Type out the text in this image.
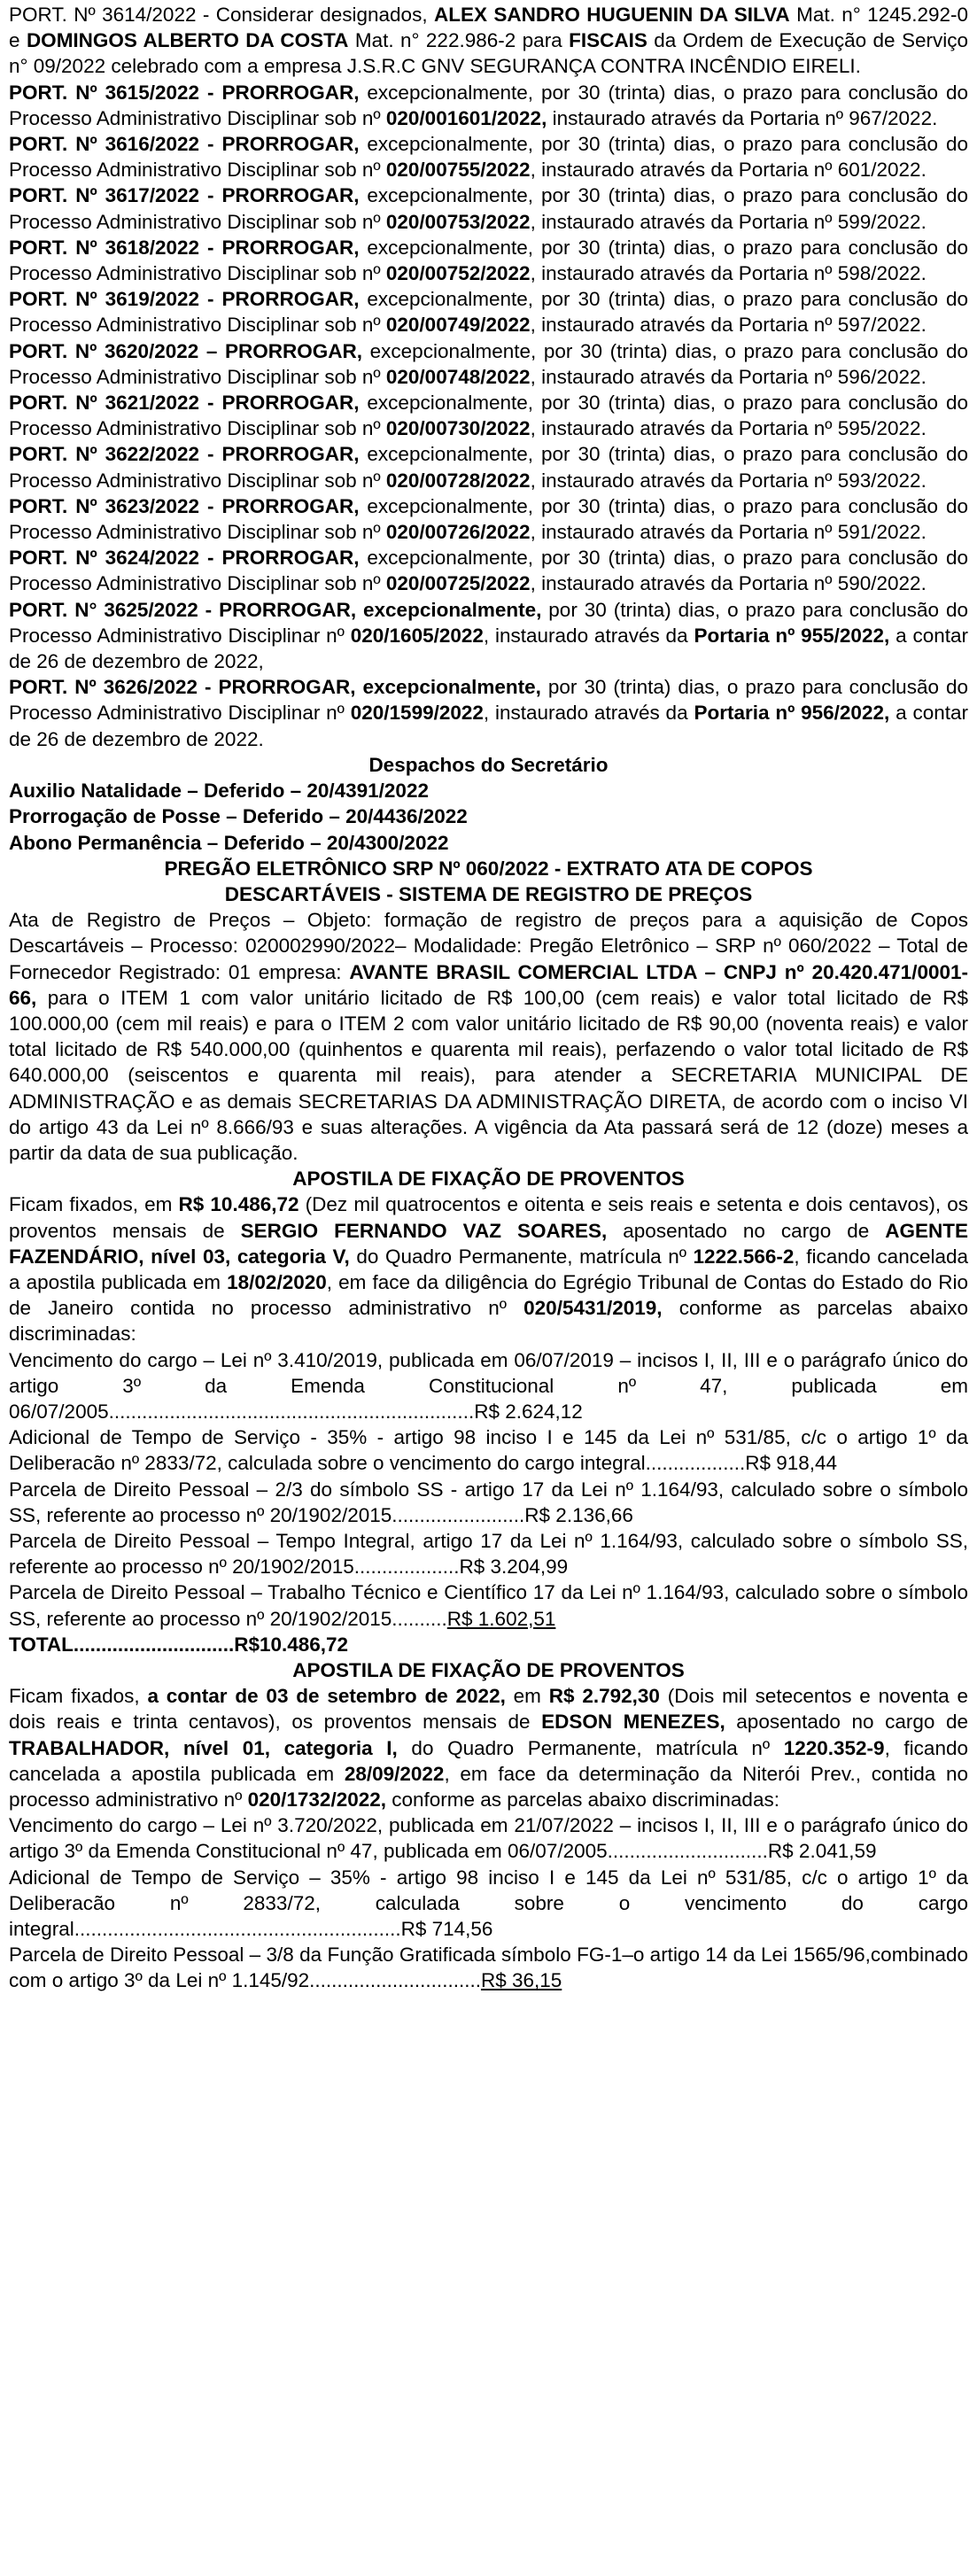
PORT. Nº 3614/2022 - Considerar designados, ALEX SANDRO HUGUENIN DA SILVA Mat. n° 1245.292-0 e DOMINGOS ALBERTO DA COSTA Mat. n° 222.986-2 para FISCAIS da Ordem de Execução de Serviço n° 09/2022 celebrado com a empresa J.S.R.C GNV SEGURANÇA CONTRA INCÊNDIO EIRELI.

PORT. Nº 3615/2022 - PRORROGAR, excepcionalmente, por 30 (trinta) dias, o prazo para conclusão do Processo Administrativo Disciplinar sob nº 020/001601/2022, instaurado através da Portaria nº 967/2022.

PORT. Nº 3616/2022 - PRORROGAR, excepcionalmente, por 30 (trinta) dias, o prazo para conclusão do Processo Administrativo Disciplinar sob nº 020/00755/2022, instaurado através da Portaria nº 601/2022.

PORT. Nº 3617/2022 - PRORROGAR, excepcionalmente, por 30 (trinta) dias, o prazo para conclusão do Processo Administrativo Disciplinar sob nº 020/00753/2022, instaurado através da Portaria nº 599/2022.

PORT. Nº 3618/2022 - PRORROGAR, excepcionalmente, por 30 (trinta) dias, o prazo para conclusão do Processo Administrativo Disciplinar sob nº 020/00752/2022, instaurado através da Portaria nº 598/2022.

PORT. Nº 3619/2022 - PRORROGAR, excepcionalmente, por 30 (trinta) dias, o prazo para conclusão do Processo Administrativo Disciplinar sob nº 020/00749/2022, instaurado através da Portaria nº 597/2022.

PORT. Nº 3620/2022 – PRORROGAR, excepcionalmente, por 30 (trinta) dias, o prazo para conclusão do Processo Administrativo Disciplinar sob nº 020/00748/2022, instaurado através da Portaria nº 596/2022.

PORT. Nº 3621/2022 - PRORROGAR, excepcionalmente, por 30 (trinta) dias, o prazo para conclusão do Processo Administrativo Disciplinar sob nº 020/00730/2022, instaurado através da Portaria nº 595/2022.

PORT. Nº 3622/2022 - PRORROGAR, excepcionalmente, por 30 (trinta) dias, o prazo para conclusão do Processo Administrativo Disciplinar sob nº 020/00728/2022, instaurado através da Portaria nº 593/2022.

PORT. Nº 3623/2022 - PRORROGAR, excepcionalmente, por 30 (trinta) dias, o prazo para conclusão do Processo Administrativo Disciplinar sob nº 020/00726/2022, instaurado através da Portaria nº 591/2022.

PORT. Nº 3624/2022 - PRORROGAR, excepcionalmente, por 30 (trinta) dias, o prazo para conclusão do Processo Administrativo Disciplinar sob nº 020/00725/2022, instaurado através da Portaria nº 590/2022.

PORT. N° 3625/2022 - PRORROGAR, excepcionalmente, por 30 (trinta) dias, o prazo para conclusão do Processo Administrativo Disciplinar nº 020/1605/2022, instaurado através da Portaria nº 955/2022, a contar de 26 de dezembro de 2022,

PORT. Nº 3626/2022 - PRORROGAR, excepcionalmente, por 30 (trinta) dias, o prazo para conclusão do Processo Administrativo Disciplinar nº 020/1599/2022, instaurado através da Portaria nº 956/2022, a contar de 26 de dezembro de 2022.

Despachos do Secretário
Auxilio Natalidade – Deferido – 20/4391/2022
Prorrogação de Posse – Deferido – 20/4436/2022
Abono Permanência – Deferido – 20/4300/2022
PREGÃO ELETRÔNICO SRP Nº 060/2022 - EXTRATO ATA DE COPOS
DESCARTÁVEIS - SISTEMA DE REGISTRO DE PREÇOS

Ata de Registro de Preços – Objeto: formação de registro de preços para a aquisição de Copos Descartáveis – Processo: 020002990/2022– Modalidade: Pregão Eletrônico – SRP nº 060/2022 – Total de Fornecedor Registrado: 01 empresa: AVANTE BRASIL COMERCIAL LTDA – CNPJ nº 20.420.471/0001-66, para o ITEM 1 com valor unitário licitado de R$ 100,00 (cem reais) e valor total licitado de R$ 100.000,00 (cem mil reais) e para o ITEM 2 com valor unitário licitado de R$ 90,00 (noventa reais) e valor total licitado de R$ 540.000,00 (quinhentos e quarenta mil reais), perfazendo o valor total licitado de R$ 640.000,00 (seiscentos e quarenta mil reais), para atender a SECRETARIA MUNICIPAL DE ADMINISTRAÇÃO e as demais SECRETARIAS DA ADMINISTRAÇÃO DIRETA, de acordo com o inciso VI do artigo 43 da Lei nº 8.666/93 e suas alterações. A vigência da Ata passará será de 12 (doze) meses a partir da data de sua publicação.

APOSTILA DE FIXAÇÃO DE PROVENTOS

Ficam fixados, em R$ 10.486,72 (Dez mil quatrocentos e oitenta e seis reais e setenta e dois centavos), os proventos mensais de SERGIO FERNANDO VAZ SOARES, aposentado no cargo de AGENTE FAZENDÁRIO, nível 03, categoria V, do Quadro Permanente, matrícula nº 1222.566-2, ficando cancelada a apostila publicada em 18/02/2020, em face da diligência do Egrégio Tribunal de Contas do Estado do Rio de Janeiro contida no processo administrativo nº 020/5431/2019, conforme as parcelas abaixo discriminadas:

Vencimento do cargo – Lei nº 3.410/2019, publicada em 06/07/2019 – incisos I, II, III e o parágrafo único do artigo 3º da Emenda Constitucional nº 47, publicada em 06/07/2005..................................................................R$ 2.624,12

Adicional de Tempo de Serviço - 35% - artigo 98 inciso I e 145 da Lei nº 531/85, c/c o artigo 1º da Deliberacão nº 2833/72, calculada sobre o vencimento do cargo integral..................R$ 918,44

Parcela de Direito Pessoal – 2/3 do símbolo SS - artigo 17 da Lei nº 1.164/93, calculado sobre o símbolo SS, referente ao processo nº 20/1902/2015........................R$ 2.136,66

Parcela de Direito Pessoal – Tempo Integral, artigo 17 da Lei nº 1.164/93, calculado sobre o símbolo SS, referente ao processo nº 20/1902/2015...................R$ 3.204,99

Parcela de Direito Pessoal – Trabalho Técnico e Científico 17 da Lei nº 1.164/93, calculado sobre o símbolo SS, referente ao processo nº 20/1902/2015..........R$ 1.602,51

TOTAL.............................R$10.486,72
APOSTILA DE FIXAÇÃO DE PROVENTOS

Ficam fixados, a contar de 03 de setembro de 2022, em R$ 2.792,30 (Dois mil setecentos e noventa e dois reais e trinta centavos), os proventos mensais de EDSON MENEZES, aposentado no cargo de TRABALHADOR, nível 01, categoria I, do Quadro Permanente, matrícula nº 1220.352-9, ficando cancelada a apostila publicada em 28/09/2022, em face da determinação da Niterói Prev., contida no processo administrativo nº 020/1732/2022, conforme as parcelas abaixo discriminadas:

Vencimento do cargo – Lei nº 3.720/2022, publicada em 21/07/2022 – incisos I, II, III e o parágrafo único do artigo 3º da Emenda Constitucional nº 47, publicada em 06/07/2005.............................R$ 2.041,59

Adicional de Tempo de Serviço – 35% - artigo 98 inciso I e 145 da Lei nº 531/85, c/c o artigo 1º da Deliberacão nº 2833/72, calculada sobre o vencimento do cargo integral...........................................................R$ 714,56

Parcela de Direito Pessoal – 3/8 da Função Gratificada símbolo FG-1–o artigo 14 da Lei 1565/96,combinado com o artigo 3º da Lei nº 1.145/92...............................R$ 36,15
